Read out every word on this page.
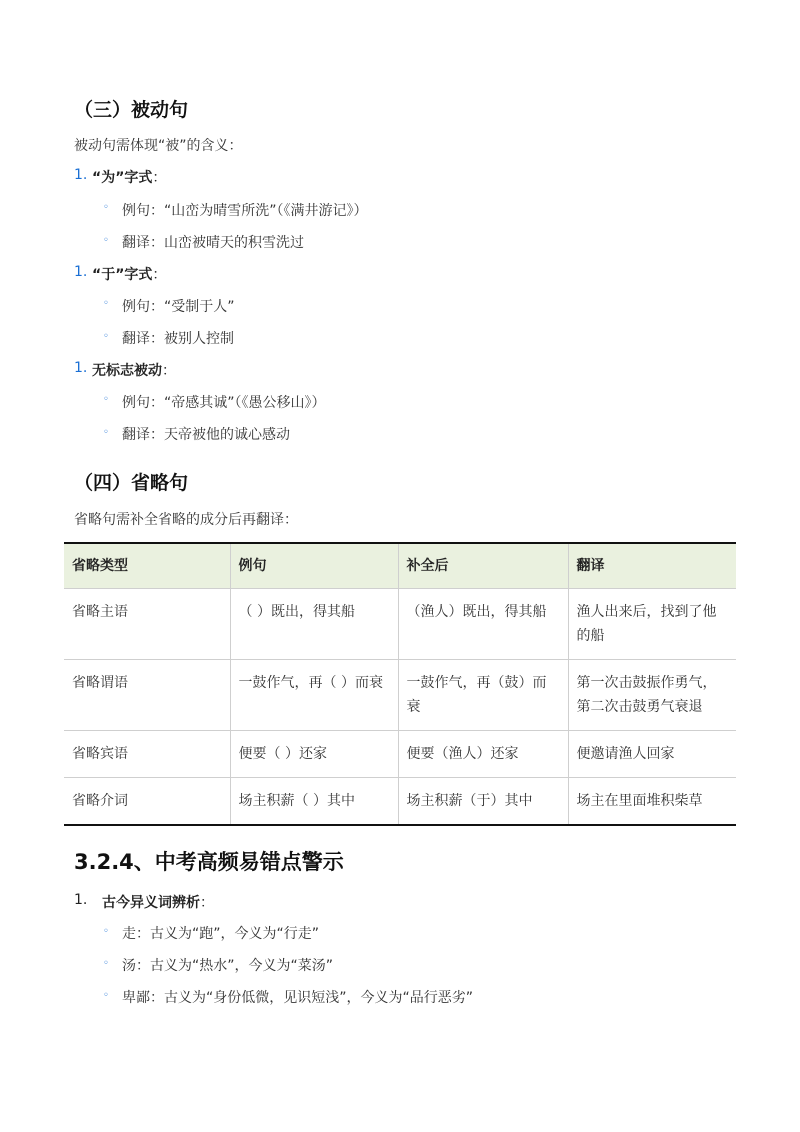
（三）被动句
被动句需体现“被”的含义：
1. “为”字式：
◦ 例句：“山峦为晴雪所洗”（《满井游记》）
◦ 翻译：山峦被晴天的积雪洗过
1. “于”字式：
◦ 例句：“受制于人”
◦ 翻译：被别人控制
1. 无标志被动：
◦ 例句：“帝感其诚”（《愚公移山》）
◦ 翻译：天帝被他的诚心感动
（四）省略句
省略句需补全省略的成分后再翻译：
省略类型	例句	补全后	翻译
省略主语	（ ）既出，得其船	（渔人）既出，得其船	渔人出来后，找到了他的船
省略谓语	一鼓作气，再（ ）而衰	一鼓作气，再（鼓）而衰	第一次击鼓振作勇气，第二次击鼓勇气衰退
省略宾语	便要（ ）还家	便要（渔人）还家	便邀请渔人回家
省略介词	场主积薪（ ）其中	场主积薪（于）其中	场主在里面堆积柴草
3.2.4、中考高频易错点警示
1. 古今异义词辨析：
◦ 走：古义为“跑”，今义为“行走”
◦ 汤：古义为“热水”，今义为“菜汤”
◦ 卑鄙：古义为“身份低微，见识短浅”，今义为“品行恶劣”
